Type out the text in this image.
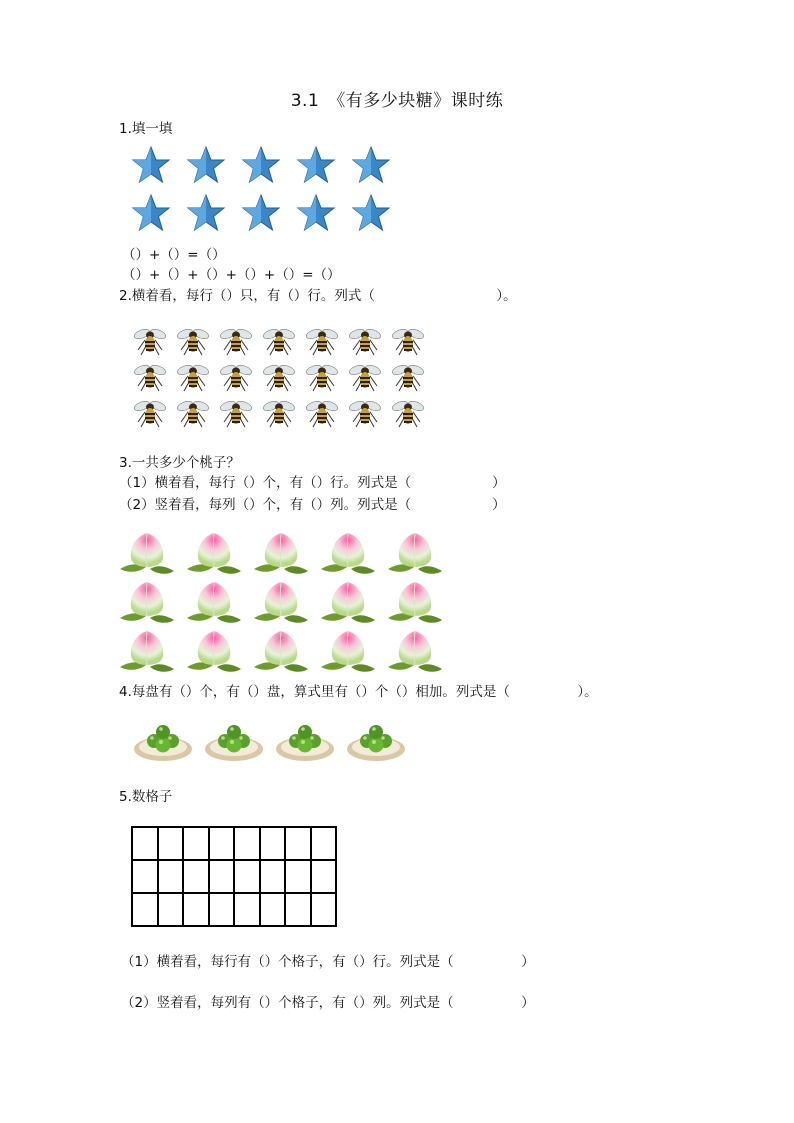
3.1　《有多少块糖》课时练
1.填一填
（）+（）=（）
（）+（）+（）+（）+（）=（）
2.横着看，每行（）只，有（）行。列式（　　　　　　　　　）。
3.一共多少个桃子？
（1）横着看，每行（）个，有（）行。列式是（　　　　　　）
（2）竖着看，每列（）个，有（）列。列式是（　　　　　　）
4.每盘有（）个，有（）盘，算式里有（）个（）相加。列式是（　　　　　）。
5.数格子

（1）横着看，每行有（）个格子，有（）行。列式是（　　　　　）
（2）竖着看，每列有（）个格子，有（）列。列式是（　　　　　）
